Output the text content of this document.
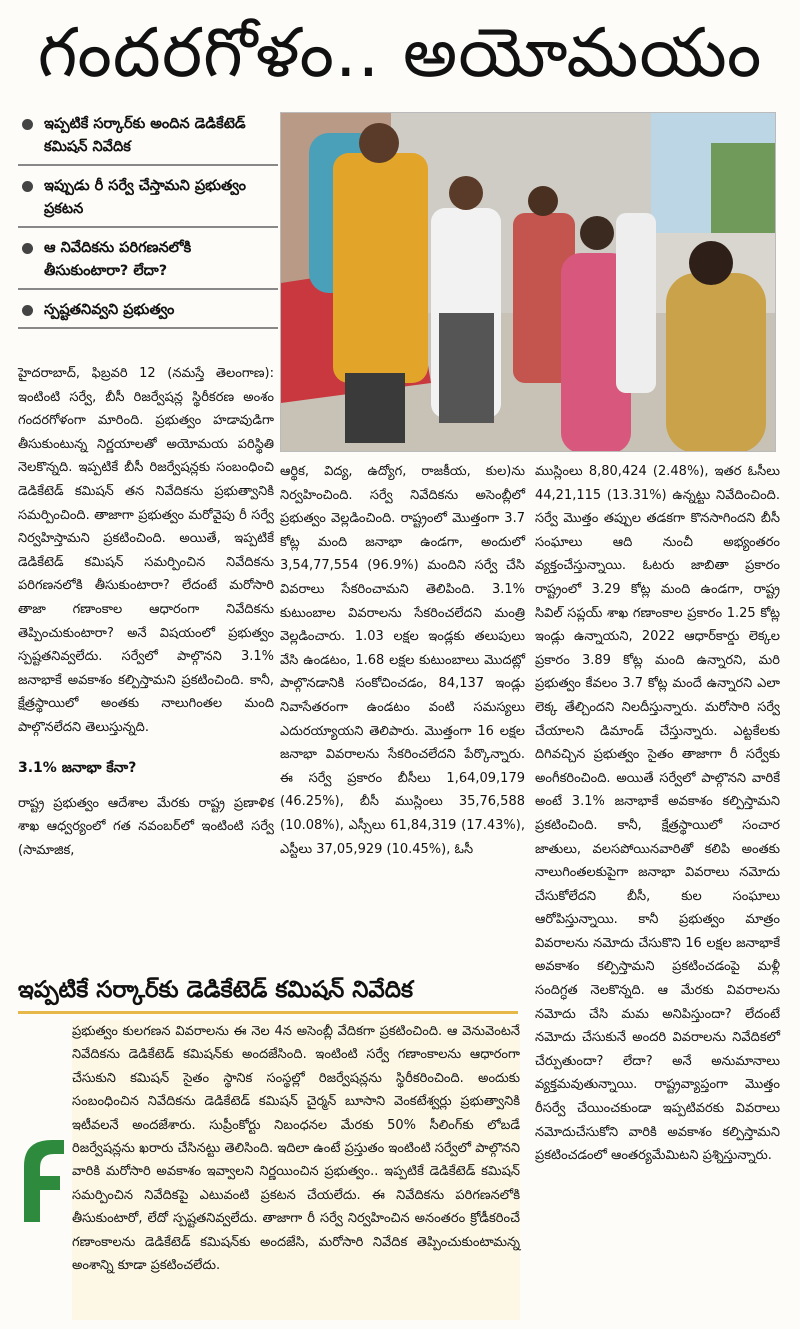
గందరగోళం.. అయోమయం
ఇప్పటికే సర్కార్‌కు అందిన డెడికేటెడ్ కమిషన్ నివేదిక
ఇప్పుడు రీ సర్వే చేస్తామని ప్రభుత్వం ప్రకటన
ఆ నివేదికను పరిగణనలోకి తీసుకుంటారా? లేదా?
స్పష్టతనివ్వని ప్రభుత్వం

హైదరాబాద్, ఫిబ్రవరి 12 (నమస్తే తెలంగాణ): ఇంటింటి సర్వే, బీసీ రిజర్వేషన్ల స్థిరీకరణ అంశం గందరగోళంగా మారింది. ప్రభుత్వం హడావుడిగా తీసుకుంటున్న నిర్ణయాలతో అయోమయ పరిస్థితి నెలకొన్నది. ఇప్పటికే బీసీ రిజర్వేషన్లకు సంబంధించి డెడికేటెడ్ కమిషన్ తన నివేదికను ప్రభుత్వానికి సమర్పించింది. తాజాగా ప్రభుత్వం మరోవైపు రీ సర్వే నిర్వహిస్తామని ప్రకటించింది. అయితే, ఇప్పటికే డెడికేటెడ్ కమిషన్ సమర్పించిన నివేదికను పరిగణనలోకి తీసుకుంటారా? లేదంటే మరోసారి తాజా గణాంకాల ఆధారంగా నివేదికను తెప్పించుకుంటారా? అనే విషయంలో ప్రభుత్వం స్పష్టతనివ్వలేదు. సర్వేలో పాల్గొనని 3.1% జనాభాకే అవకాశం కల్పిస్తామని ప్రకటించింది. కానీ, క్షేత్రస్థాయిలో అంతకు నాలుగింతల మంది పాల్గొనలేదని తెలుస్తున్నది.

3.1% జనాభా కేనా?

రాష్ట్ర ప్రభుత్వం ఆదేశాల మేరకు రాష్ట్ర ప్రణాళిక శాఖ ఆధ్వర్యంలో గత నవంబర్‌లో ఇంటింటి సర్వే (సామాజిక,

ఆర్థిక, విద్య, ఉద్యోగ, రాజకీయ, కుల)ను నిర్వహించింది. సర్వే నివేదికను అసెంబ్లీలో ప్రభుత్వం వెల్లడించింది. రాష్ట్రంలో మొత్తంగా 3.7 కోట్ల మంది జనాభా ఉండగా, అందులో 3,54,77,554 (96.9%) మందిని సర్వే చేసి వివరాలు సేకరించామని తెలిపింది. 3.1% కుటుంబాల వివరాలను సేకరించలేదని మంత్రి వెల్లడించారు. 1.03 లక్షల ఇండ్లకు తలుపులు వేసి ఉండటం, 1.68 లక్షల కుటుంబాలు మొదట్లో పాల్గొనడానికి సంకోచించడం, 84,137 ఇండ్లు నివాసేతరంగా ఉండటం వంటి సమస్యలు ఎదురయ్యాయని తెలిపారు. మొత్తంగా 16 లక్షల జనాభా వివరాలను సేకరించలేదని పేర్కొన్నారు. ఈ సర్వే ప్రకారం బీసీలు 1,64,09,179 (46.25%), బీసీ ముస్లింలు 35,76,588 (10.08%), ఎస్సీలు 61,84,319 (17.43%), ఎస్టీలు 37,05,929 (10.45%), ఓసీ

ముస్లింలు 8,80,424 (2.48%), ఇతర ఓసీలు 44,21,115 (13.31%) ఉన్నట్టు నివేదించింది. సర్వే మొత్తం తప్పుల తడకగా కొనసాగిందని బీసీ సంఘాలు ఆది నుంచీ అభ్యంతరం వ్యక్తంచేస్తున్నాయి. ఓటరు జాబితా ప్రకారం రాష్ట్రంలో 3.29 కోట్ల మంది ఉండగా, రాష్ట్ర సివిల్ సప్లయ్ శాఖ గణాంకాల ప్రకారం 1.25 కోట్ల ఇండ్లు ఉన్నాయని, 2022 ఆధార్‌కార్డు లెక్కల ప్రకారం 3.89 కోట్ల మంది ఉన్నారని, మరి ప్రభుత్వం కేవలం 3.7 కోట్ల మందే ఉన్నారని ఎలా లెక్క తేల్చిందని నిలదీస్తున్నారు. మరోసారి సర్వే చేయాలని డిమాండ్ చేస్తున్నారు. ఎట్టకేలకు దిగివచ్చిన ప్రభుత్వం సైతం తాజాగా రీ సర్వేకు అంగీకరించింది. అయితే సర్వేలో పాల్గొనని వారికే అంటే 3.1% జనాభాకే అవకాశం కల్పిస్తామని ప్రకటించింది. కానీ, క్షేత్రస్థాయిలో సంచార జాతులు, వలసపోయినవారితో కలిపి అంతకు నాలుగింతలకుపైగా జనాభా వివరాలు నమోదు చేసుకోలేదని బీసీ, కుల సంఘాలు ఆరోపిస్తున్నాయి. కానీ ప్రభుత్వం మాత్రం వివరాలను నమోదు చేసుకొని 16 లక్షల జనాభాకే అవకాశం కల్పిస్తామని ప్రకటించడంపై మళ్లీ సందిగ్ధత నెలకొన్నది. ఆ మేరకు వివరాలను నమోదు చేసి మమ అనిపిస్తుందా? లేదంటే నమోదు చేసుకునే అందరి వివరాలను నివేదికలో చేర్పుతుందా? లేదా? అనే అనుమానాలు వ్యక్తమవుతున్నాయి. రాష్ట్రవ్యాప్తంగా మొత్తం రీసర్వే చేయించకుండా ఇప్పటివరకు వివరాలు నమోదుచేసుకోని వారికి అవకాశం కల్పిస్తామని ప్రకటించడంలో ఆంతర్యమేమిటని ప్రశ్నిస్తున్నారు.

ఇప్పటికే సర్కార్‌కు డెడికేటెడ్ కమిషన్ నివేదిక
ప్రభుత్వం కులగణన వివరాలను ఈ నెల 4న అసెంబ్లీ వేదికగా ప్రకటించింది. ఆ వెనువెంటనే నివేదికను డెడికేటెడ్ కమిషన్‌కు అందజేసింది. ఇంటింటి సర్వే గణాంకాలను ఆధారంగా చేసుకుని కమిషన్ సైతం స్థానిక సంస్థల్లో రిజర్వేషన్లను స్థిరీకరించింది. అందుకు సంబంధించిన నివేదికను డెడికేటెడ్ కమిషన్ చైర్మన్ బూసాని వెంకటేశ్వర్లు ప్రభుత్వానికి ఇటీవలనే అందజేశారు. సుప్రీంకోర్టు నిబంధనల మేరకు 50% సీలింగ్‌కు లోబడే రిజర్వేషన్లను ఖరారు చేసినట్టు తెలిసింది. ఇదిలా ఉంటే ప్రస్తుతం ఇంటింటి సర్వేలో పాల్గొనని వారికి మరోసారి అవకాశం ఇవ్వాలని నిర్ణయించిన ప్రభుత్వం.. ఇప్పటికే డెడికేటెడ్ కమిషన్ సమర్పించిన నివేదికపై ఎటువంటి ప్రకటన చేయలేదు. ఈ నివేదికను పరిగణనలోకి తీసుకుంటారో, లేదో స్పష్టతనివ్వలేదు. తాజాగా రీ సర్వే నిర్వహించిన అనంతరం క్రోడీకరించే గణాంకాలను డెడికేటెడ్ కమిషన్‌కు అందజేసి, మరోసారి నివేదిక తెప్పించుకుంటామన్న అంశాన్ని కూడా ప్రకటించలేదు.
